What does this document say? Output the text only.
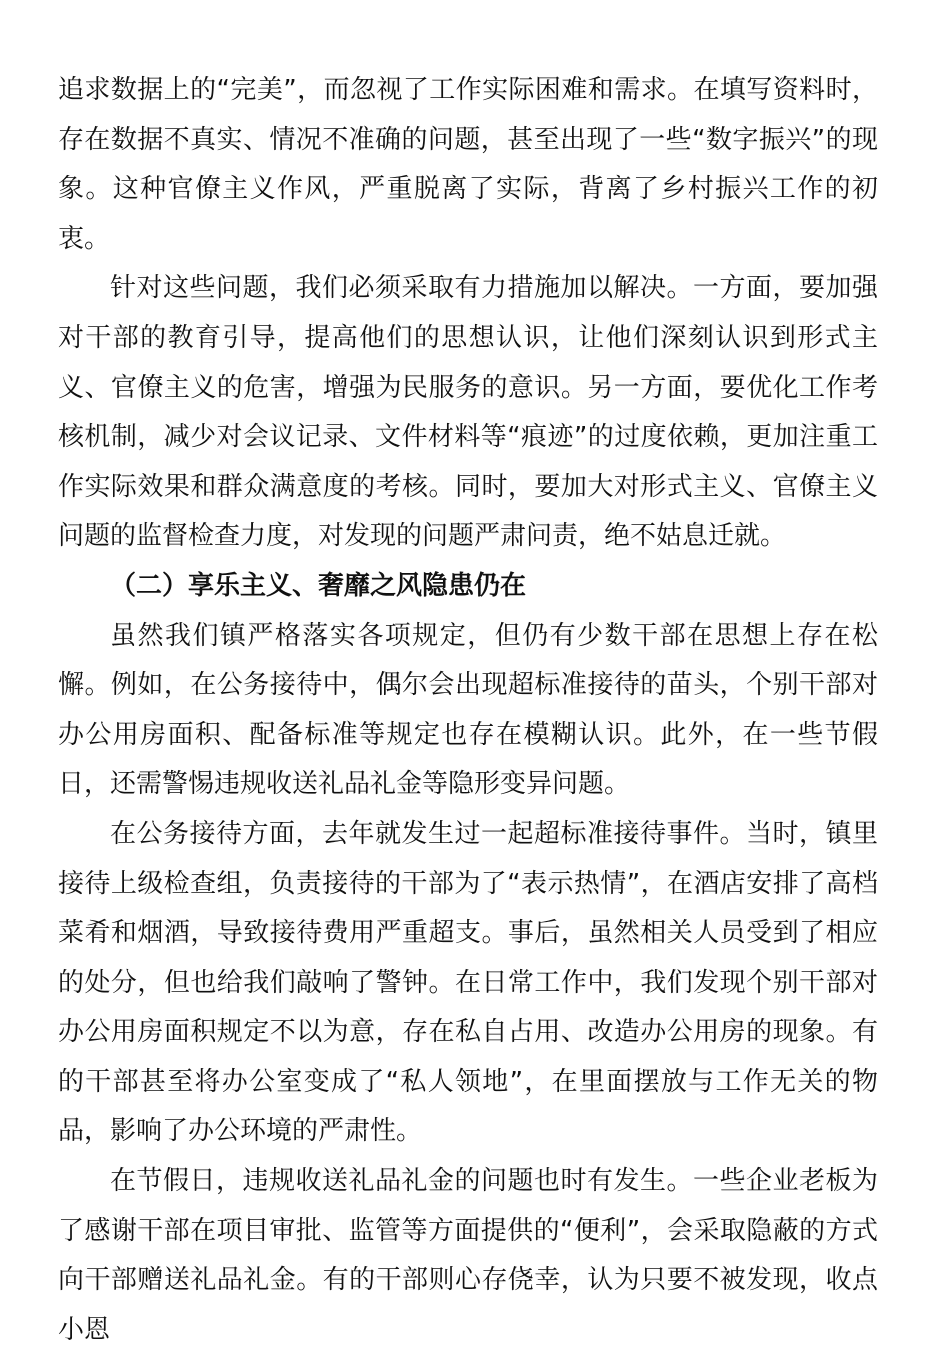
追求数据上的“完美”，而忽视了工作实际困难和需求。在填写资料时，存在数据不真实、情况不准确的问题，甚至出现了一些“数字振兴”的现象。这种官僚主义作风，严重脱离了实际，背离了乡村振兴工作的初衷。

针对这些问题，我们必须采取有力措施加以解决。一方面，要加强对干部的教育引导，提高他们的思想认识，让他们深刻认识到形式主义、官僚主义的危害，增强为民服务的意识。另一方面，要优化工作考核机制，减少对会议记录、文件材料等“痕迹”的过度依赖，更加注重工作实际效果和群众满意度的考核。同时，要加大对形式主义、官僚主义问题的监督检查力度，对发现的问题严肃问责，绝不姑息迁就。

（二）享乐主义、奢靡之风隐患仍在

虽然我们镇严格落实各项规定，但仍有少数干部在思想上存在松懈。例如，在公务接待中，偶尔会出现超标准接待的苗头，个别干部对办公用房面积、配备标准等规定也存在模糊认识。此外，在一些节假日，还需警惕违规收送礼品礼金等隐形变异问题。

在公务接待方面，去年就发生过一起超标准接待事件。当时，镇里接待上级检查组，负责接待的干部为了“表示热情”，在酒店安排了高档菜肴和烟酒，导致接待费用严重超支。事后，虽然相关人员受到了相应的处分，但也给我们敲响了警钟。在日常工作中，我们发现个别干部对办公用房面积规定不以为意，存在私自占用、改造办公用房的现象。有的干部甚至将办公室变成了“私人领地”，在里面摆放与工作无关的物品，影响了办公环境的严肃性。

在节假日，违规收送礼品礼金的问题也时有发生。一些企业老板为了感谢干部在项目审批、监管等方面提供的“便利”，会采取隐蔽的方式向干部赠送礼品礼金。有的干部则心存侥幸，认为只要不被发现，收点小恩
